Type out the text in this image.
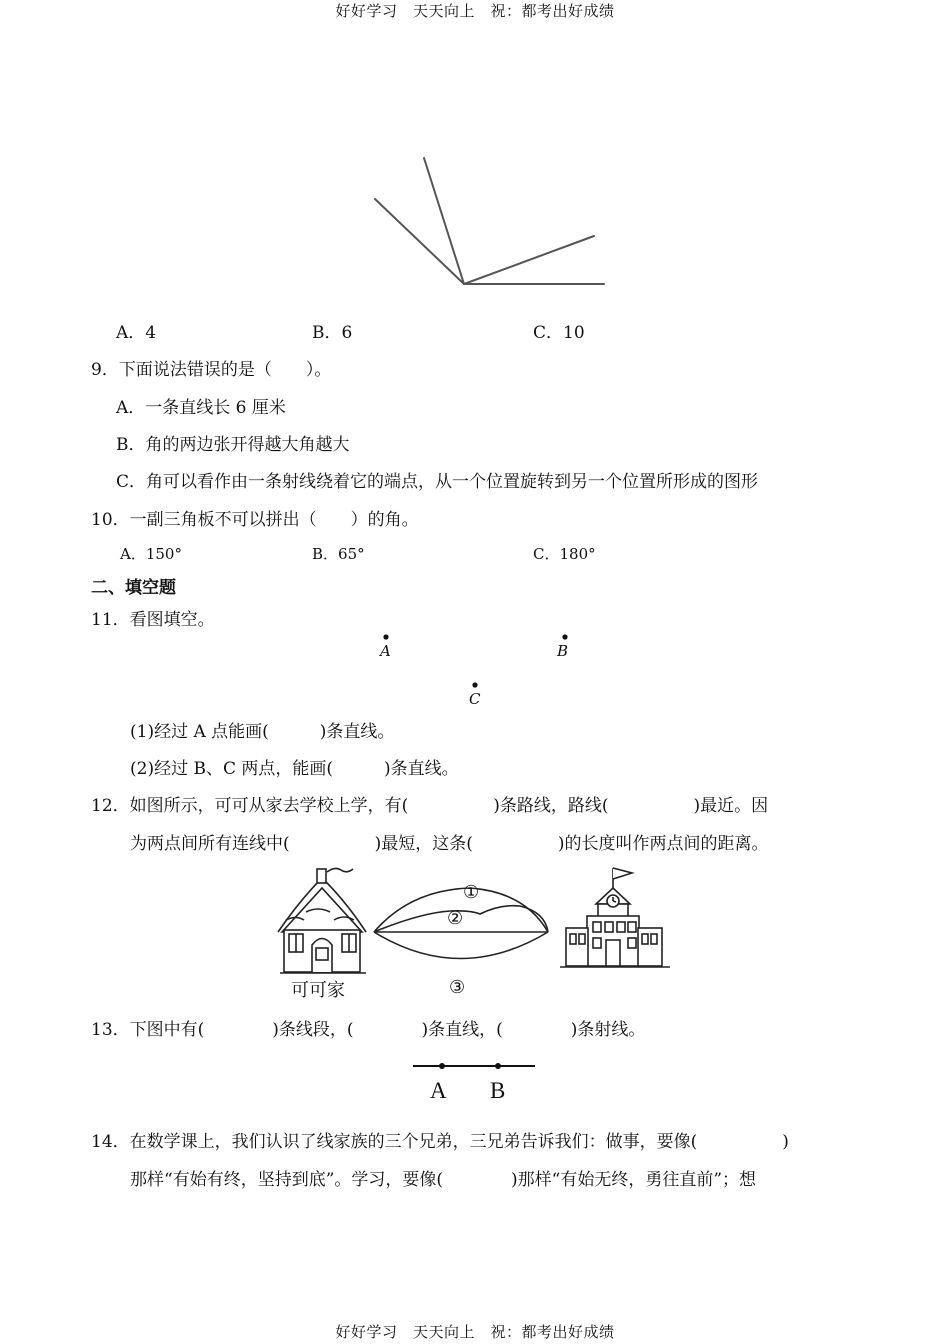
好好学习　天天向上　祝：都考出好成绩
A．4	B．6	C．10
9．下面说法错误的是（　　）。
A．一条直线长 6 厘米
B．角的两边张开得越大角越大
C．角可以看作由一条射线绕着它的端点，从一个位置旋转到另一个位置所形成的图形
10．一副三角板不可以拼出（　　）的角。
A．150°	B．65°	C．180°
二、填空题
11．看图填空。
A	B
C
(1)经过 A 点能画(　　　)条直线。
(2)经过 B、C 两点，能画(　　　)条直线。
12．如图所示，可可从家去学校上学，有(　　　　　)条路线，路线(　　　　　)最近。因
为两点间所有连线中(　　　　　)最短，这条(　　　　　)的长度叫作两点间的距离。
①
②
③
可可家
13．下图中有(　　　　)条线段，(　　　　)条直线，(　　　　)条射线。
A B
14．在数学课上，我们认识了线家族的三个兄弟，三兄弟告诉我们：做事，要像(　　　　　)
那样“有始有终，坚持到底”。学习，要像(　　　　)那样“有始无终，勇往直前”；想
好好学习　天天向上　祝：都考出好成绩
